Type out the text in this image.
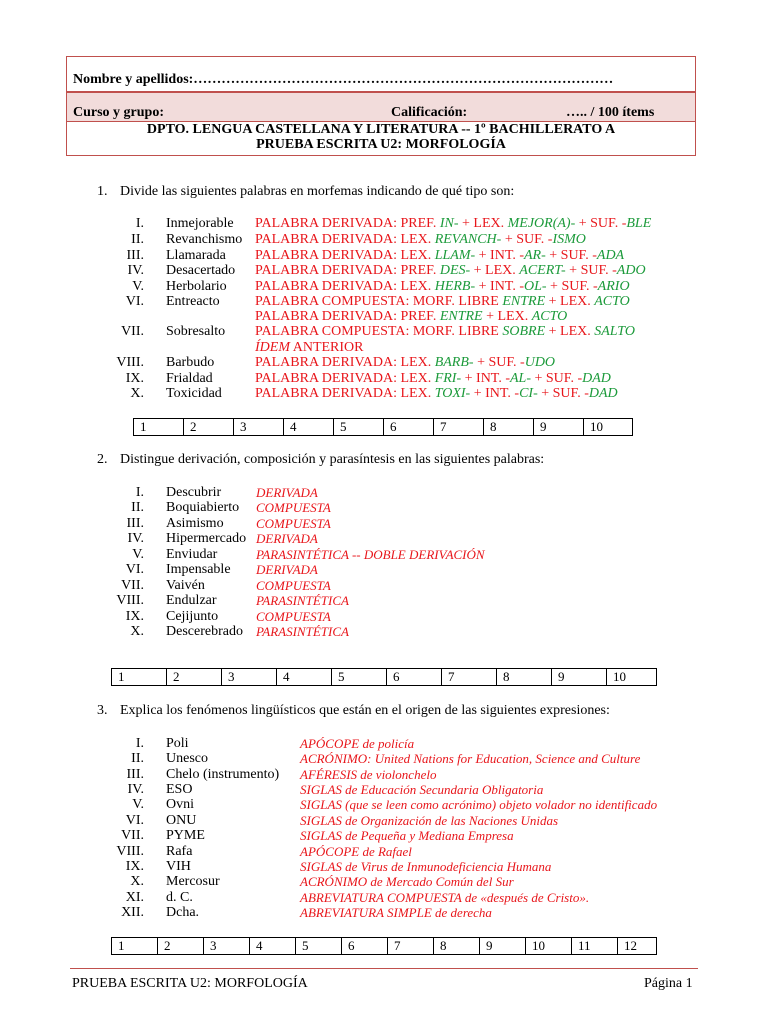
Nombre y apellidos:………………………………………………………………………………
Curso y grupo:	Calificación:	….. / 100 ítems
DPTO. LENGUA CASTELLANA Y LITERATURA -- 1º BACHILLERATO A
PRUEBA ESCRITA U2: MORFOLOGÍA
1. Divide las siguientes palabras en morfemas indicando de qué tipo son:
I. Inmejorable PALABRA DERIVADA: PREF. IN- + LEX. MEJOR(A)- + SUF. -BLE
II. Revanchismo PALABRA DERIVADA: LEX. REVANCH- + SUF. -ISMO
III. Llamarada PALABRA DERIVADA: LEX. LLAM- + INT. -AR- + SUF. -ADA
IV. Desacertado PALABRA DERIVADA: PREF. DES- + LEX. ACERT- + SUF. -ADO
V. Herbolario PALABRA DERIVADA: LEX. HERB- + INT. -OL- + SUF. -ARIO
VI. Entreacto	PALABRA COMPUESTA: MORF. LIBRE ENTRE + LEX. ACTO
PALABRA DERIVADA: PREF. ENTRE + LEX. ACTO
VII. Sobresalto PALABRA COMPUESTA: MORF. LIBRE SOBRE + LEX. SALTO
ÍDEM ANTERIOR
VIII. Barbudo	PALABRA DERIVADA: LEX. BARB- + SUF. -UDO
IX. Frialdad	PALABRA DERIVADA: LEX. FRI- + INT. -AL- + SUF. -DAD
X. Toxicidad PALABRA DERIVADA: LEX. TOXI- + INT. -CI- + SUF. -DAD
1	2	3	4	5	6	7	8	9	10
2. Distingue derivación, composición y parasíntesis en las siguientes palabras:
I. Descubrir	DERIVADA
II. Boquiabierto COMPUESTA
III. Asimismo COMPUESTA
IV. Hipermercado DERIVADA
V. Enviudar	PARASINTÉTICA -- DOBLE DERIVACIÓN
VI. Impensable DERIVADA
VII. Vaivén	COMPUESTA
VIII. Endulzar	PARASINTÉTICA
IX. Cejijunto	COMPUESTA
X. Descerebrado PARASINTÉTICA
1	2	3	4	5	6	7	8	9	10
3. Explica los fenómenos lingüísticos que están en el origen de las siguientes expresiones:
I. Poli	APÓCOPE de policía
II. Unesco	ACRÓNIMO: United Nations for Education, Science and Culture
III. Chelo (instrumento) AFÉRESIS de violonchelo
IV. ESO	SIGLAS de Educación Secundaria Obligatoria
V. Ovni	SIGLAS (que se leen como acrónimo) objeto volador no identificado
VI. ONU	SIGLAS de Organización de las Naciones Unidas
VII. PYME	SIGLAS de Pequeña y Mediana Empresa
VIII. Rafa	APÓCOPE de Rafael
IX. VIH	SIGLAS de Virus de Inmunodeficiencia Humana
X. Mercosur	ACRÓNIMO de Mercado Común del Sur
XI. d. C.	ABREVIATURA COMPUESTA de «después de Cristo».
XII. Dcha.	ABREVIATURA SIMPLE de derecha
1	2	3	4	5	6	7	8	9	10	11	12
PRUEBA ESCRITA U2: MORFOLOGÍA	Página 1
